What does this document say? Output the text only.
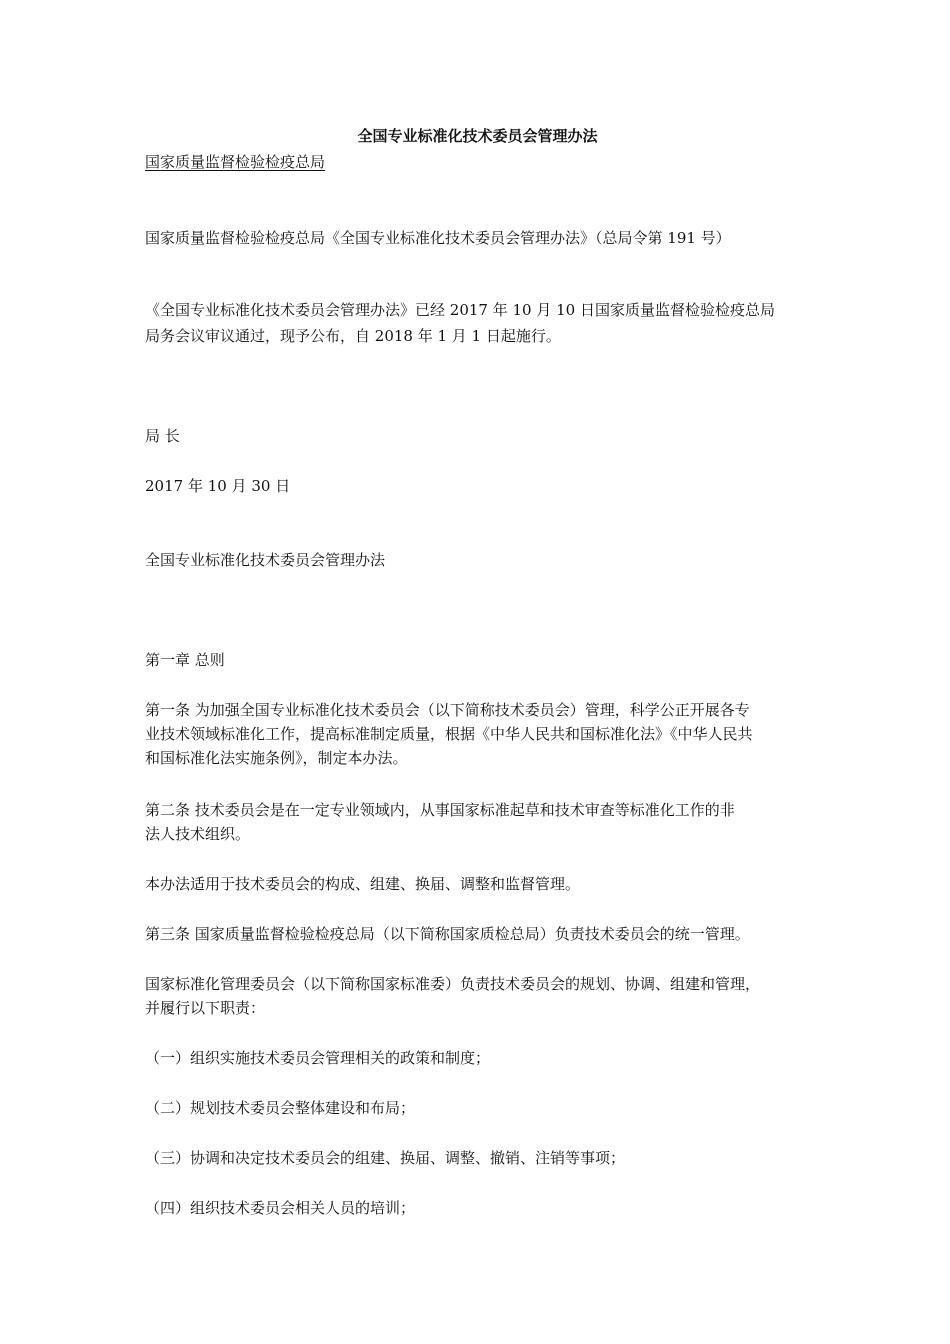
全国专业标准化技术委员会管理办法
国家质量监督检验检疫总局
国家质量监督检验检疫总局《全国专业标准化技术委员会管理办法》（总局令第 191 号）
《全国专业标准化技术委员会管理办法》已经 2017 年 10 月 10 日国家质量监督检验检疫总局
局务会议审议通过，现予公布，自 2018 年 1 月 1 日起施行。
局 长
2017 年 10 月 30 日
全国专业标准化技术委员会管理办法
第一章 总则
第一条 为加强全国专业标准化技术委员会（以下简称技术委员会）管理，科学公正开展各专
业技术领域标准化工作，提高标准制定质量，根据《中华人民共和国标准化法》《中华人民共
和国标准化法实施条例》，制定本办法。
第二条 技术委员会是在一定专业领域内，从事国家标准起草和技术审查等标准化工作的非
法人技术组织。
本办法适用于技术委员会的构成、组建、换届、调整和监督管理。
第三条 国家质量监督检验检疫总局（以下简称国家质检总局）负责技术委员会的统一管理。
国家标准化管理委员会（以下简称国家标准委）负责技术委员会的规划、协调、组建和管理，
并履行以下职责：
（一）组织实施技术委员会管理相关的政策和制度；
（二）规划技术委员会整体建设和布局；
（三）协调和决定技术委员会的组建、换届、调整、撤销、注销等事项；
（四）组织技术委员会相关人员的培训；
